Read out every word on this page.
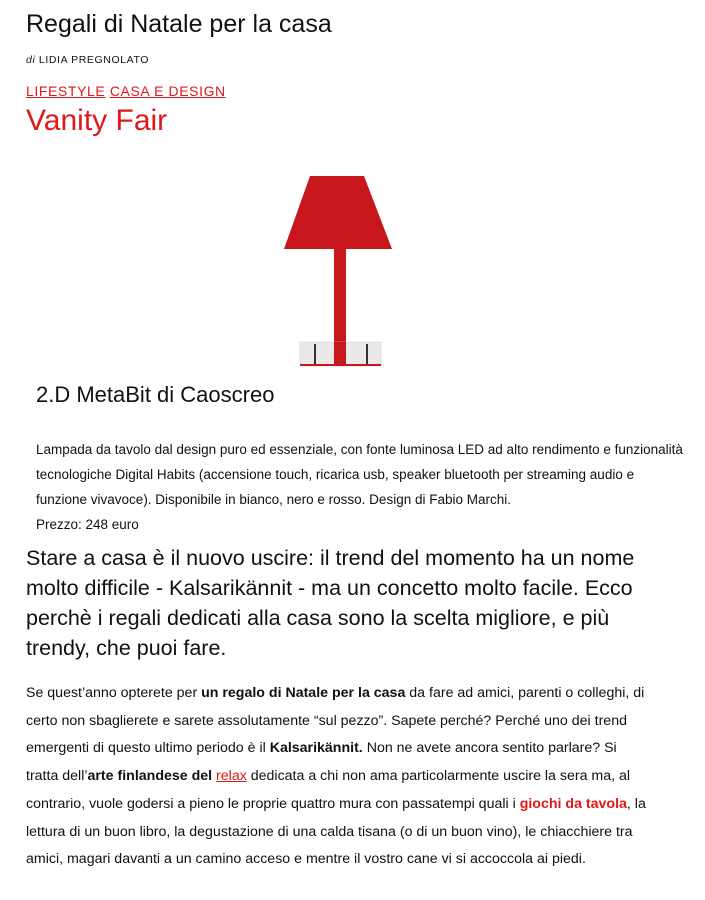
Regali di Natale per la casa
di LIDIA PREGNOLATO
LIFESTYLE CASA E DESIGN
Vanity Fair
2.D MetaBit di Caoscreo

Lampada da tavolo dal design puro ed essenziale, con fonte luminosa LED ad alto rendimento e funzionalità tecnologiche Digital Habits (accensione touch, ricarica usb, speaker bluetooth per streaming audio e funzione vivavoce). Disponibile in bianco, nero e rosso. Design di Fabio Marchi.

Prezzo: 248 euro

Stare a casa è il nuovo uscire: il trend del momento ha un nome molto difficile - Kalsarikännit - ma un concetto molto facile. Ecco perchè i regali dedicati alla casa sono la scelta migliore, e più trendy, che puoi fare.

Se quest’anno opterete per un regalo di Natale per la casa da fare ad amici, parenti o colleghi, di certo non sbaglierete e sarete assolutamente “sul pezzo”. Sapete perché? Perché uno dei trend emergenti di questo ultimo periodo è il Kalsarikännit. Non ne avete ancora sentito parlare? Si tratta dell’arte finlandese del relax dedicata a chi non ama particolarmente uscire la sera ma, al contrario, vuole godersi a pieno le proprie quattro mura con passatempi quali i giochi da tavola, la lettura di un buon libro, la degustazione di una calda tisana (o di un buon vino), le chiacchiere tra amici, magari davanti a un camino acceso e mentre il vostro cane vi si accoccola ai piedi.
